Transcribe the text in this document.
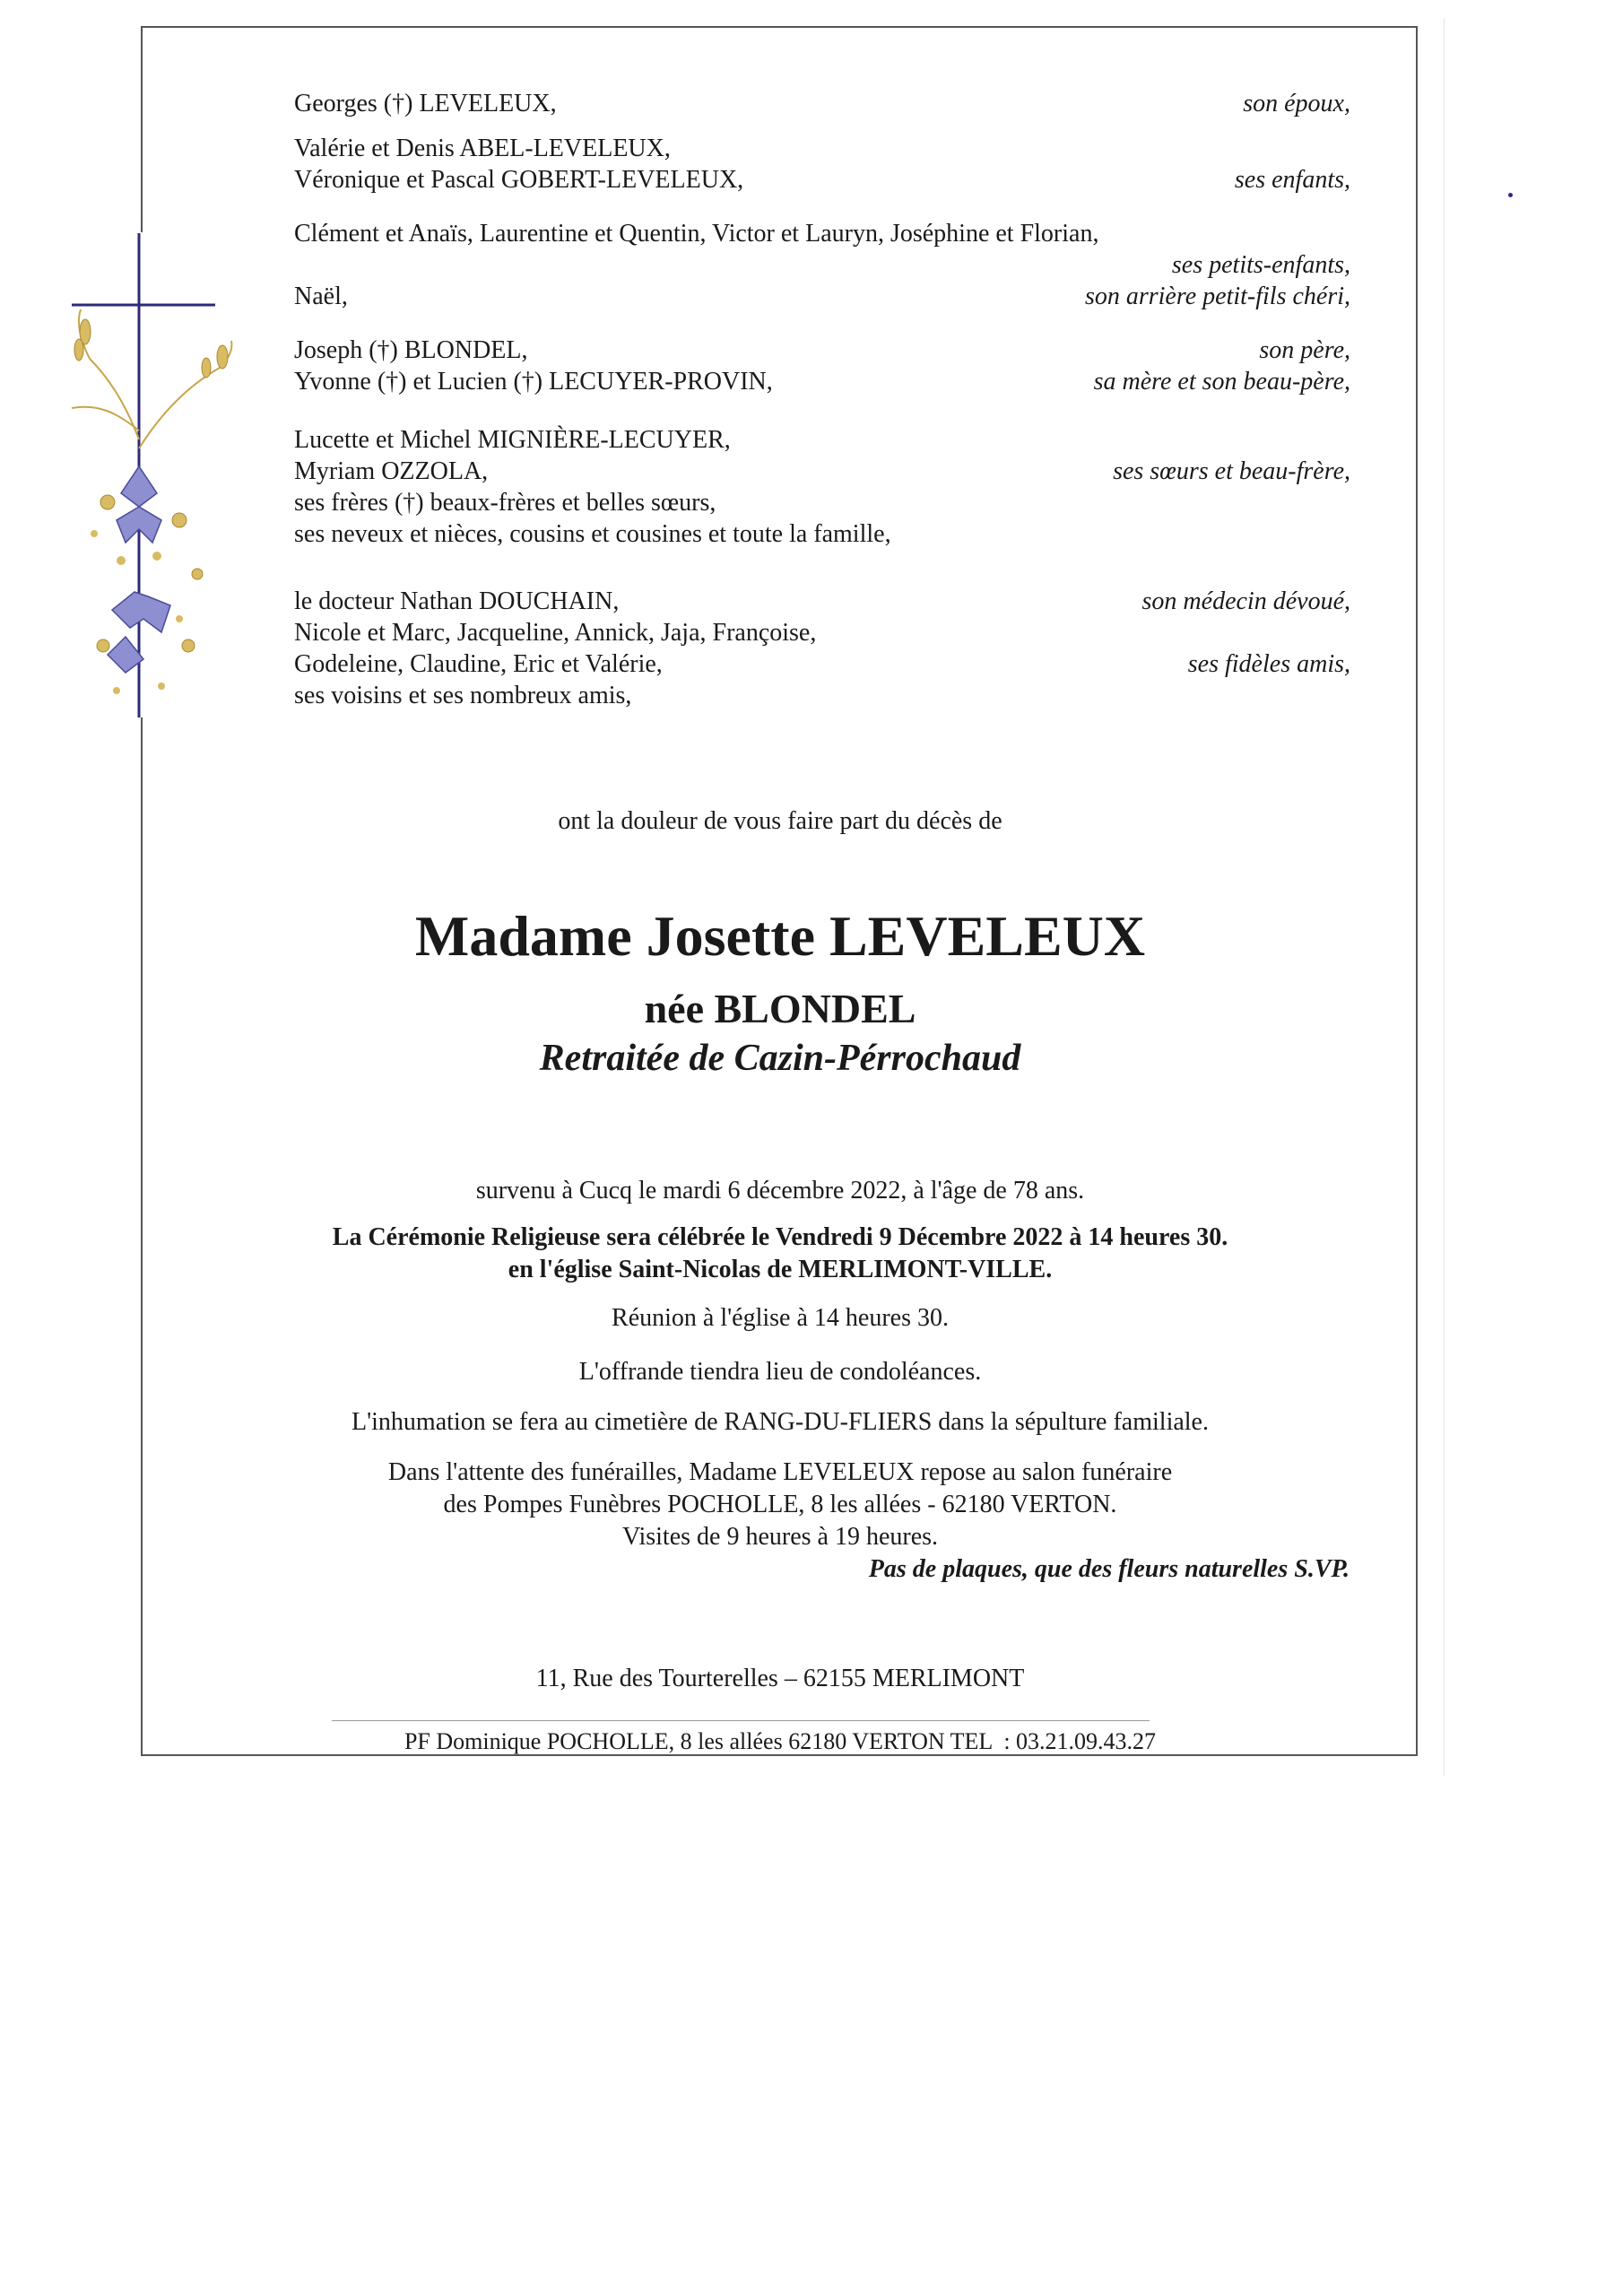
Georges (†) LEVELEUX,	son époux,
Valérie et Denis ABEL-LEVELEUX,
Véronique et Pascal GOBERT-LEVELEUX,	ses enfants,
Clément et Anaïs, Laurentine et Quentin, Victor et Lauryn, Joséphine et Florian,
ses petits-enfants,
Naël,	son arrière petit-fils chéri,
Joseph (†) BLONDEL,	son père,
Yvonne (†) et Lucien (†) LECUYER-PROVIN,	sa mère et son beau-père,
Lucette et Michel MIGNIÈRE-LECUYER,
Myriam OZZOLA,	ses sœurs et beau-frère,
ses frères (†) beaux-frères et belles sœurs,
ses neveux et nièces, cousins et cousines et toute la famille,
le docteur Nathan DOUCHAIN,	son médecin dévoué,
Nicole et Marc, Jacqueline, Annick, Jaja, Françoise,
Godeleine, Claudine, Eric et Valérie,	ses fidèles amis,
ses voisins et ses nombreux amis,
ont la douleur de vous faire part du décès de
Madame Josette LEVELEUX
née BLONDEL
Retraitée de Cazin-Pérrochaud
survenu à Cucq le mardi 6 décembre 2022, à l'âge de 78 ans.
La Cérémonie Religieuse sera célébrée le Vendredi 9 Décembre 2022 à 14 heures 30.
en l'église Saint-Nicolas de MERLIMONT-VILLE.
Réunion à l'église à 14 heures 30.
L'offrande tiendra lieu de condoléances.
L'inhumation se fera au cimetière de RANG-DU-FLIERS dans la sépulture familiale.
Dans l'attente des funérailles, Madame LEVELEUX repose au salon funéraire
des Pompes Funèbres POCHOLLE, 8 les allées - 62180 VERTON.
Visites de 9 heures à 19 heures.
Pas de plaques, que des fleurs naturelles S.VP.
11, Rue des Tourterelles – 62155 MERLIMONT
PF Dominique POCHOLLE, 8 les allées 62180 VERTON TEL  : 03.21.09.43.27
